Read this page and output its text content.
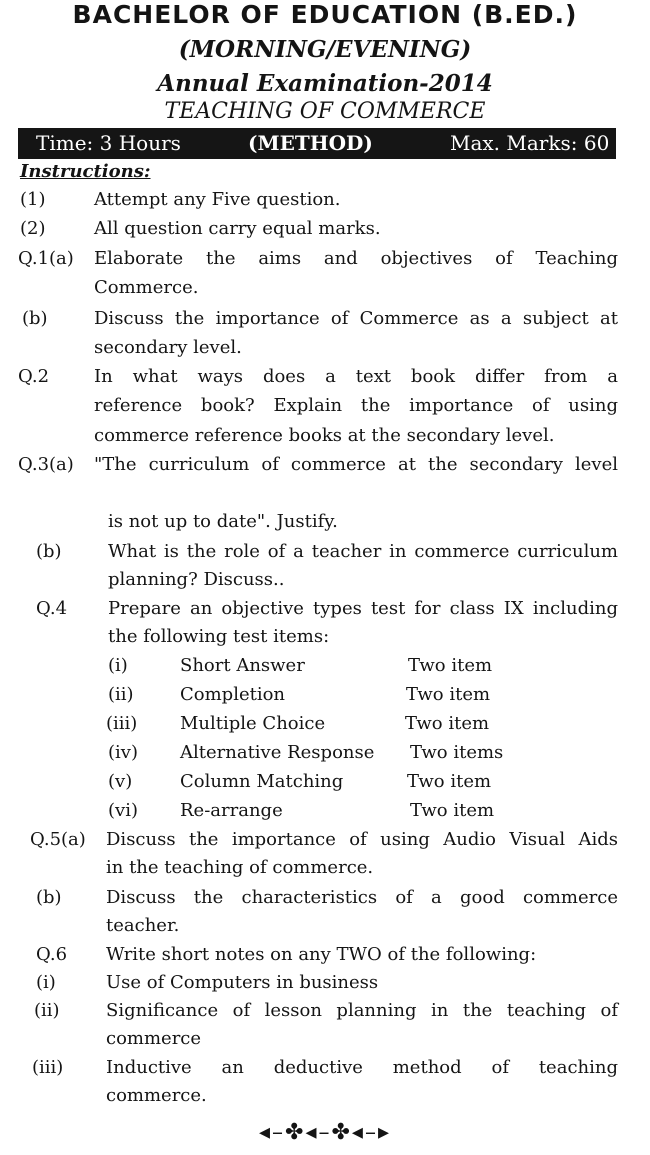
BACHELOR OF EDUCATION (B.ED.)
(MORNING/EVENING)
Annual Examination-2014
TEACHING OF COMMERCE
Time: 3 Hours	(METHOD)	Max. Marks: 60
Instructions:
(1)	Attempt any Five question.
(2)	All question carry equal marks.
Q.1(a) Elaborate the aims and objectives of Teaching
Commerce.
(b)	Discuss the importance of Commerce as a subject at
secondary level.
Q.2 In what ways does a text book differ from a
reference book? Explain the importance of using
commerce reference books at the secondary level.
Q.3(a) "The curriculum of commerce at the secondary level
is not up to date". Justify.
(b)	What is the role of a teacher in commerce curriculum
planning? Discuss..
Q.4 Prepare an objective types test for class IX including
the following test items:
(i)	Short Answer	Two item
(ii)	Completion	Two item
(iii) Multiple Choice	Two item
(iv) Alternative Response Two items
(v)	Column Matching	Two item
(vi) Re-arrange	Two item
Q.5(a) Discuss the importance of using Audio Visual Aids
in the teaching of commerce.
(b) Discuss the characteristics of a good commerce
teacher.
Q.6 Write short notes on any TWO of the following:
(i)	Use of Computers in business
(ii)	Significance of lesson planning in the teaching of
commerce
(iii) Inductive an deductive method of teaching
commerce.
◂–✤◂–✤◂–▸
